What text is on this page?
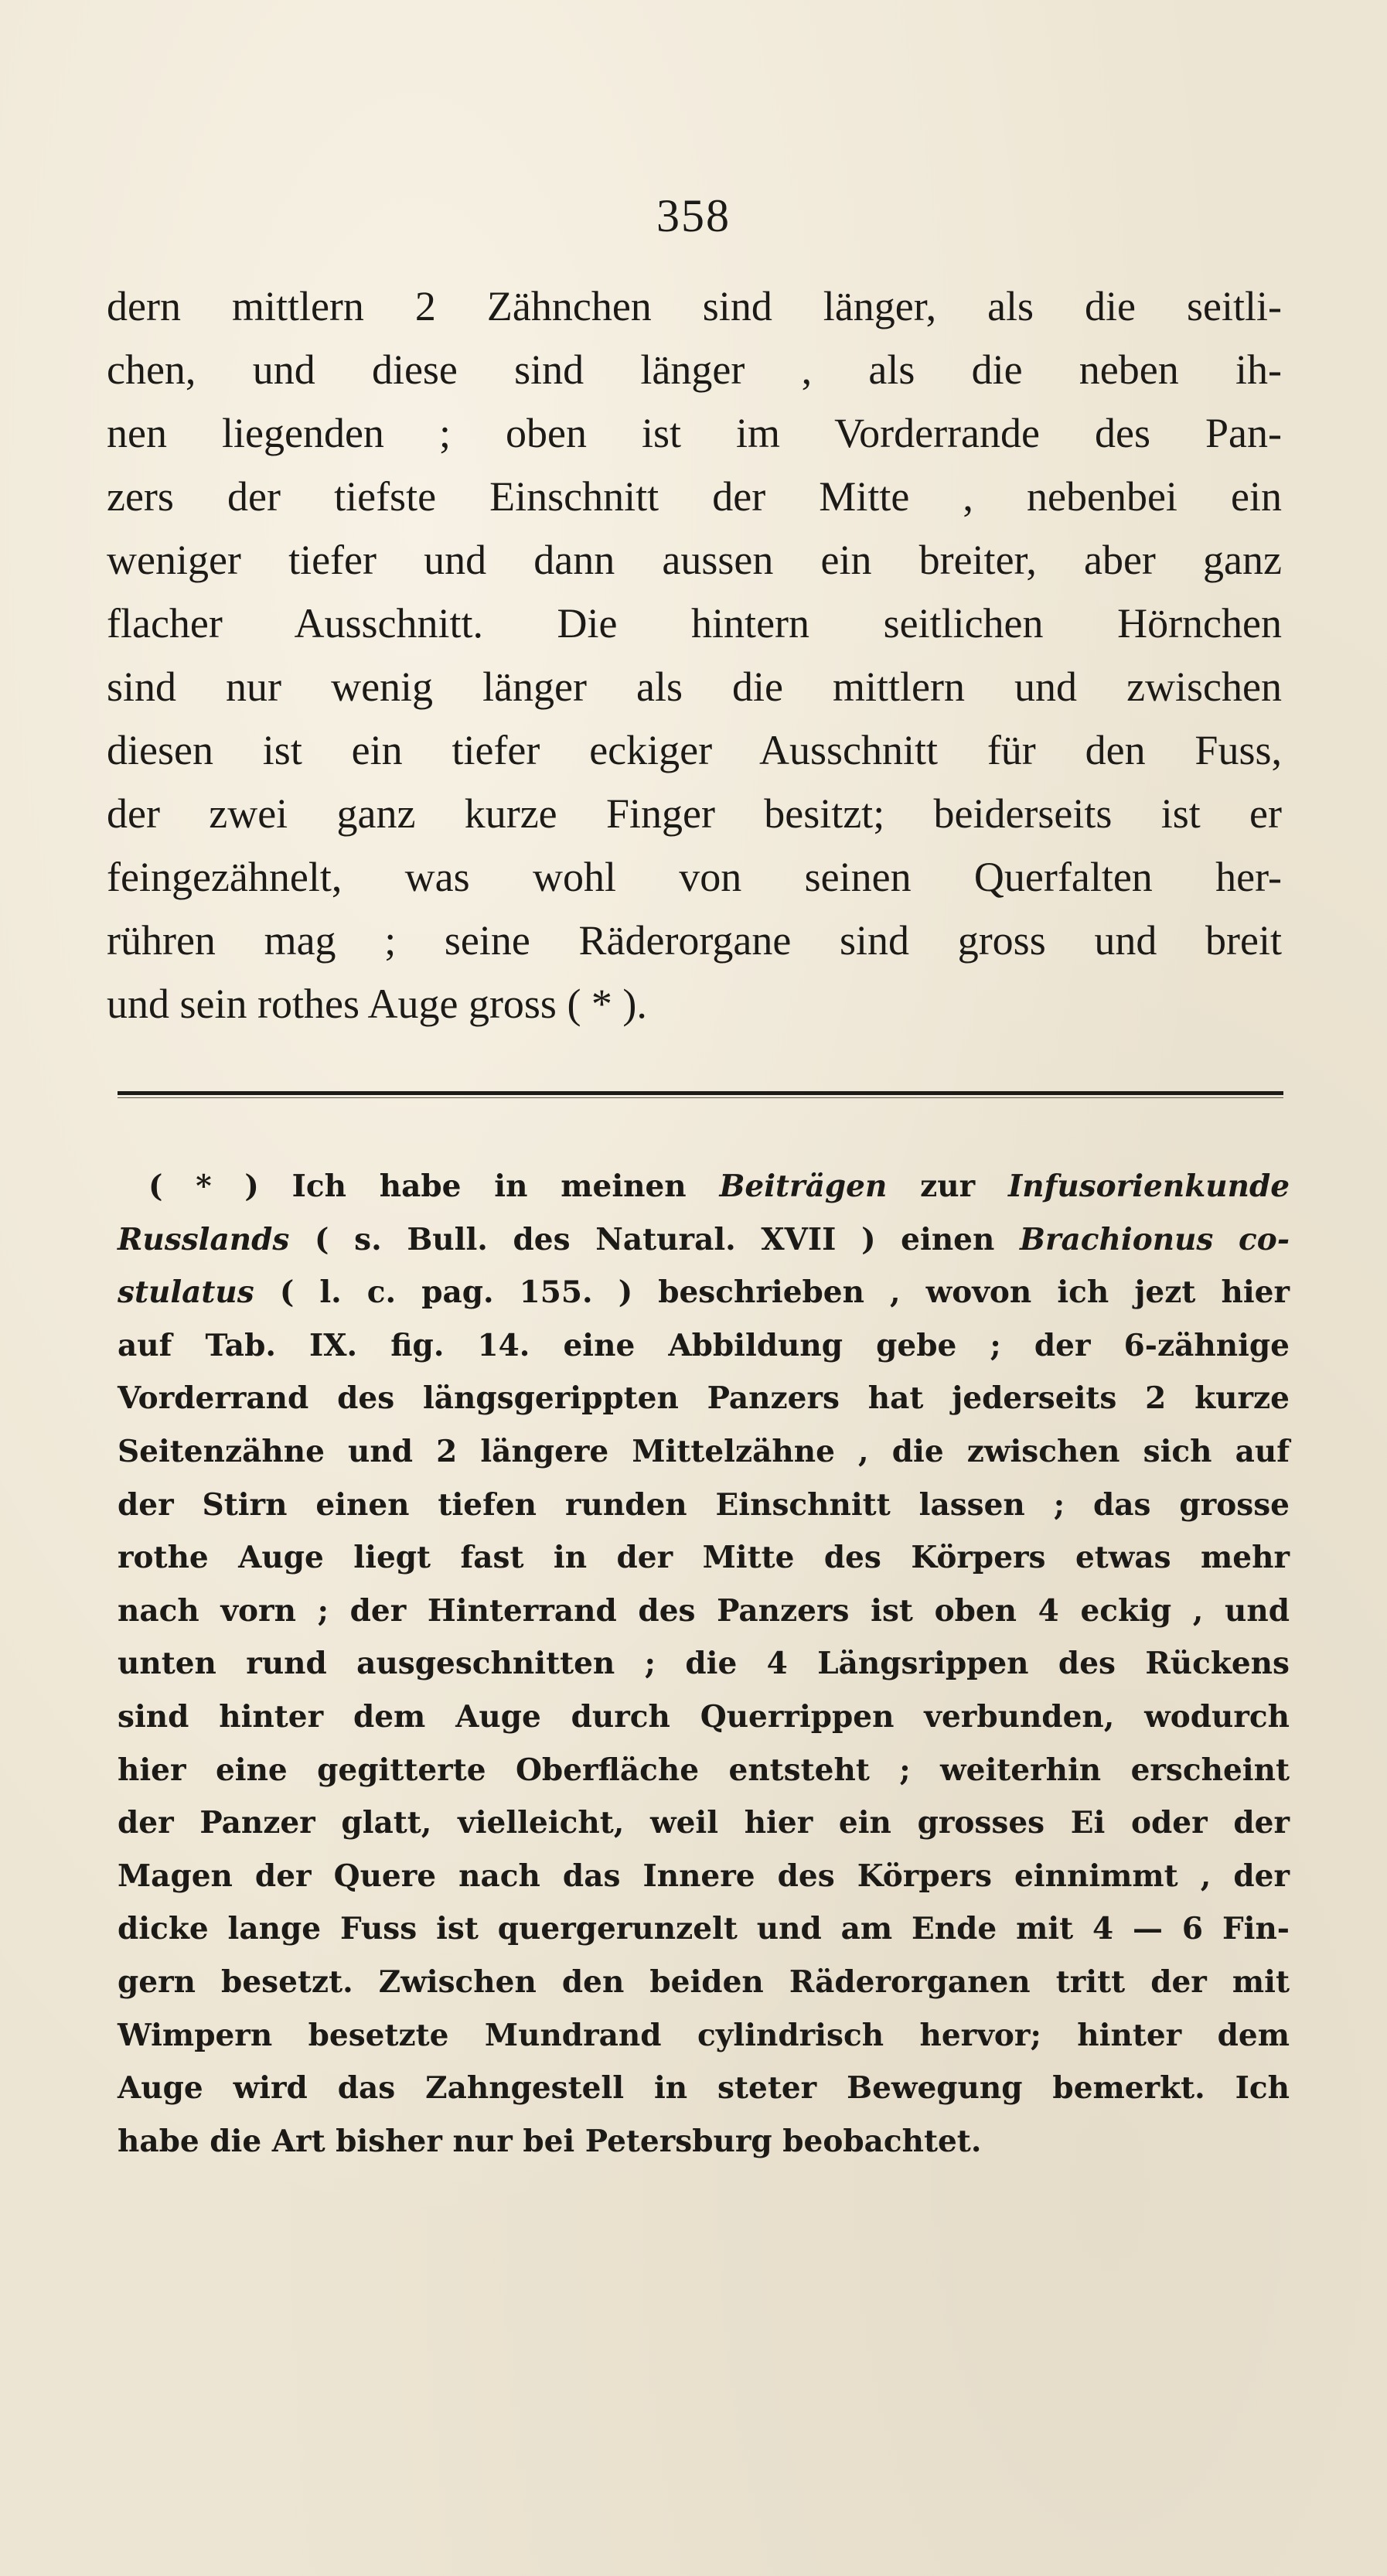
358
dern mittlern 2 Zähnchen sind länger, als die seitli-
chen, und diese sind länger , als die neben ih-
nen liegenden ; oben ist im Vorderrande des Pan-
zers der tiefste Einschnitt der Mitte , nebenbei ein
weniger tiefer und dann aussen ein breiter, aber ganz
flacher Ausschnitt. Die hintern seitlichen Hörnchen
sind nur wenig länger als die mittlern und zwischen
diesen ist ein tiefer eckiger Ausschnitt für den Fuss,
der zwei ganz kurze Finger besitzt; beiderseits ist er
feingezähnelt, was wohl von seinen Querfalten her-
rühren mag ; seine Räderorgane sind gross und breit
und sein rothes Auge gross ( * ).
( * ) Ich habe in meinen Beiträgen zur Infusorienkunde
Russlands ( s. Bull. des Natural. XVII ) einen Brachionus co-
stulatus ( l. c. pag. 155. ) beschrieben , wovon ich jezt hier
auf Tab. IX. fig. 14. eine Abbildung gebe ; der 6-zähnige
Vorderrand des längsgerippten Panzers hat jederseits 2 kurze
Seitenzähne und 2 längere Mittelzähne , die zwischen sich auf
der Stirn einen tiefen runden Einschnitt lassen ; das grosse
rothe Auge liegt fast in der Mitte des Körpers etwas mehr
nach vorn ; der Hinterrand des Panzers ist oben 4 eckig , und
unten rund ausgeschnitten ; die 4 Längsrippen des Rückens
sind hinter dem Auge durch Querrippen verbunden, wodurch
hier eine gegitterte Oberfläche entsteht ; weiterhin erscheint
der Panzer glatt, vielleicht, weil hier ein grosses Ei oder der
Magen der Quere nach das Innere des Körpers einnimmt , der
dicke lange Fuss ist quergerunzelt und am Ende mit 4 — 6 Fin-
gern besetzt. Zwischen den beiden Räderorganen tritt der mit
Wimpern besetzte Mundrand cylindrisch hervor; hinter dem
Auge wird das Zahngestell in steter Bewegung bemerkt. Ich
habe die Art bisher nur bei Petersburg beobachtet.
